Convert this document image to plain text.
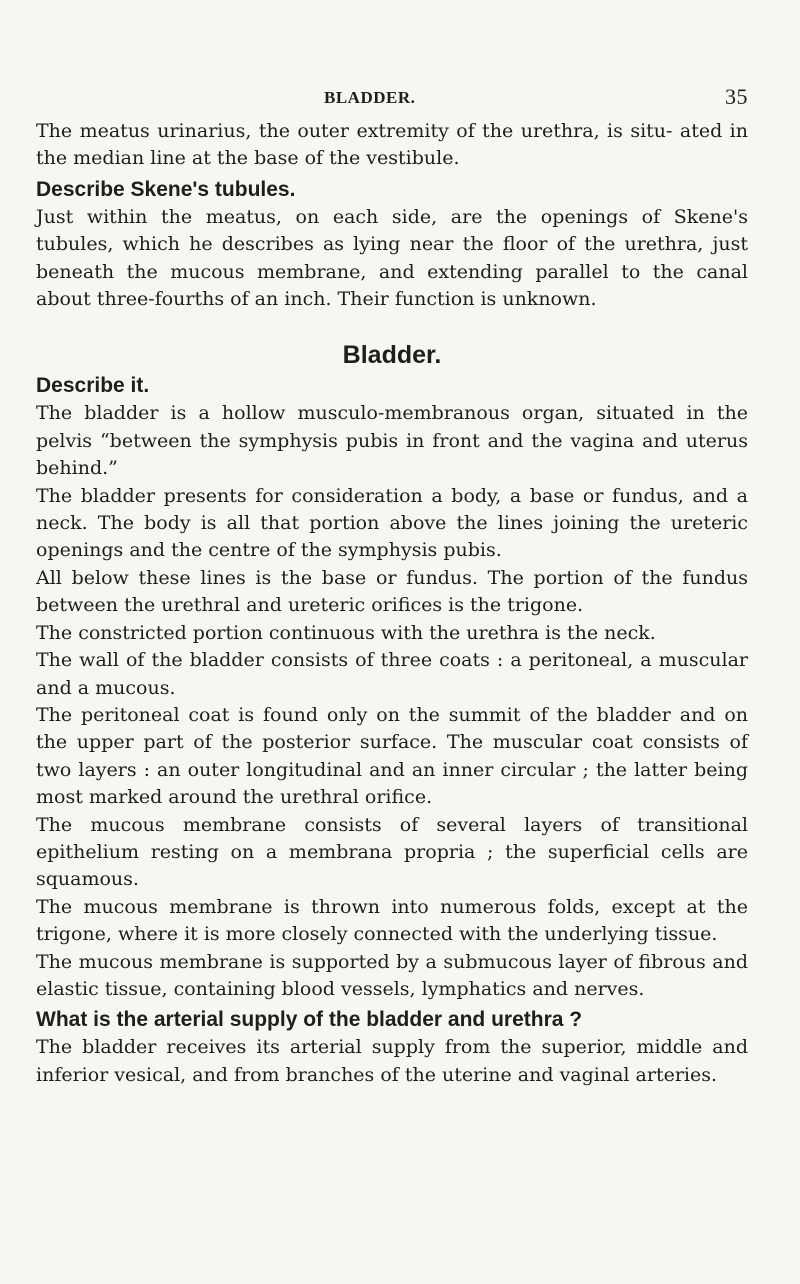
BLADDER.	35

The meatus urinarius, the outer extremity of the urethra, is situ- ated in the median line at the base of the vestibule.

Describe Skene's tubules.

Just within the meatus, on each side, are the openings of Skene's tubules, which he describes as lying near the floor of the urethra, just beneath the mucous membrane, and extending parallel to the canal about three-fourths of an inch. Their function is unknown.

Bladder.
Describe it.

The bladder is a hollow musculo-membranous organ, situated in the pelvis “between the symphysis pubis in front and the vagina and uterus behind.”

The bladder presents for consideration a body, a base or fundus, and a neck. The body is all that portion above the lines joining the ureteric openings and the centre of the symphysis pubis.

All below these lines is the base or fundus. The portion of the fundus between the urethral and ureteric orifices is the trigone.

The constricted portion continuous with the urethra is the neck.

The wall of the bladder consists of three coats : a peritoneal, a muscular and a mucous.

The peritoneal coat is found only on the summit of the bladder and on the upper part of the posterior surface. The muscular coat consists of two layers : an outer longitudinal and an inner circular ; the latter being most marked around the urethral orifice.

The mucous membrane consists of several layers of transitional epithelium resting on a membrana propria ; the superficial cells are squamous.

The mucous membrane is thrown into numerous folds, except at the trigone, where it is more closely connected with the underlying tissue.

The mucous membrane is supported by a submucous layer of fibrous and elastic tissue, containing blood vessels, lymphatics and nerves.

What is the arterial supply of the bladder and urethra ?

The bladder receives its arterial supply from the superior, middle and inferior vesical, and from branches of the uterine and vaginal arteries.
